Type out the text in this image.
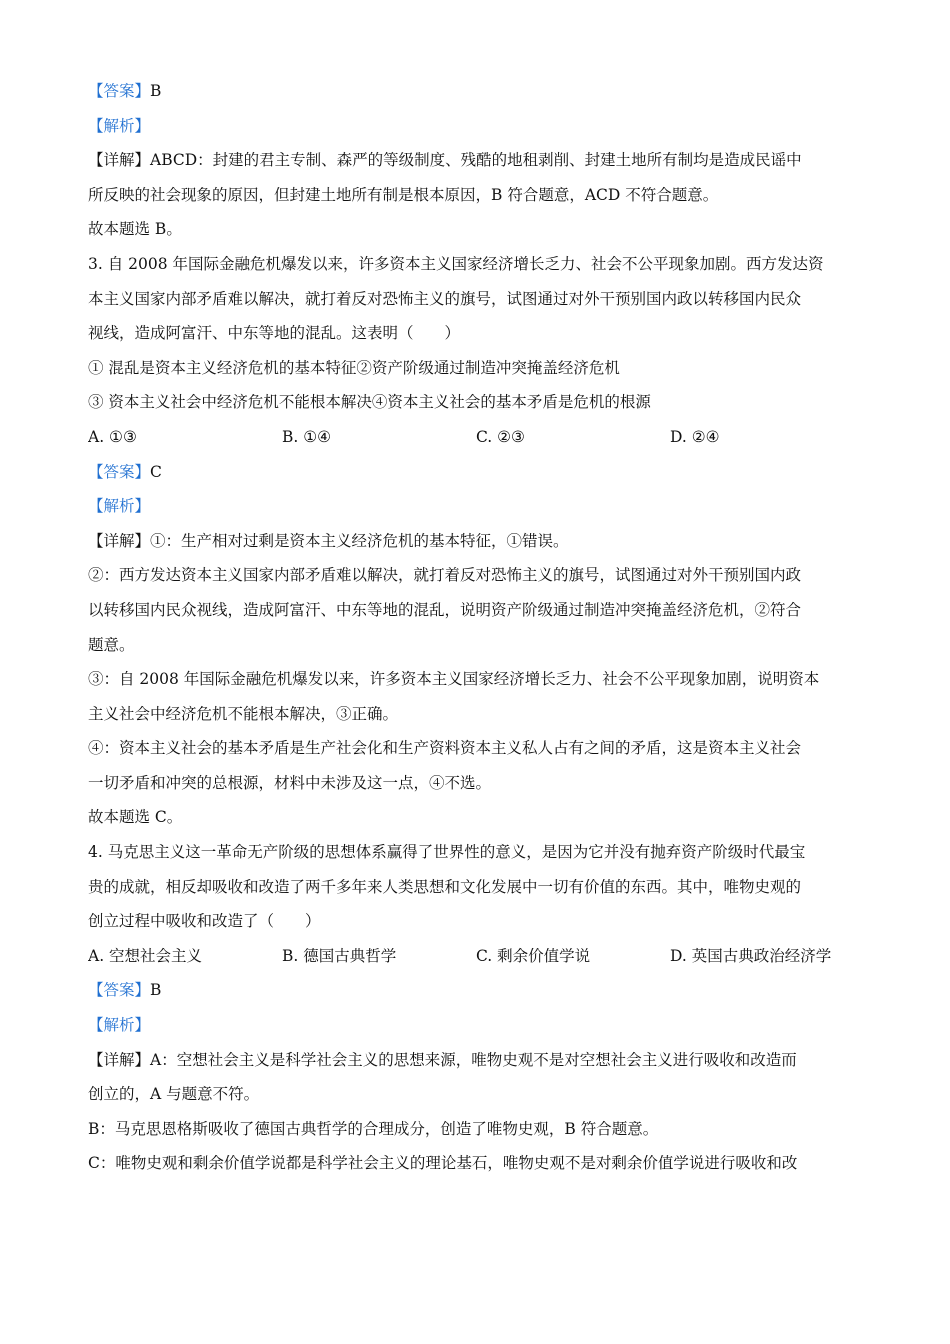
【答案】B
【解析】
【详解】ABCD：封建的君主专制、森严的等级制度、残酷的地租剥削、封建土地所有制均是造成民谣中
所反映的社会现象的原因，但封建土地所有制是根本原因，B 符合题意，ACD 不符合题意。
故本题选 B。
3. 自 2008 年国际金融危机爆发以来，许多资本主义国家经济增长乏力、社会不公平现象加剧。西方发达资
本主义国家内部矛盾难以解决，就打着反对恐怖主义的旗号，试图通过对外干预别国内政以转移国内民众
视线，造成阿富汗、中东等地的混乱。这表明（　　）
① 混乱是资本主义经济危机的基本特征②资产阶级通过制造冲突掩盖经济危机
③ 资本主义社会中经济危机不能根本解决④资本主义社会的基本矛盾是危机的根源
A. ①③	B. ①④	C. ②③	D. ②④
【答案】C
【解析】
【详解】①：生产相对过剩是资本主义经济危机的基本特征，①错误。
②：西方发达资本主义国家内部矛盾难以解决，就打着反对恐怖主义的旗号，试图通过对外干预别国内政
以转移国内民众视线，造成阿富汗、中东等地的混乱，说明资产阶级通过制造冲突掩盖经济危机，②符合
题意。
③：自 2008 年国际金融危机爆发以来，许多资本主义国家经济增长乏力、社会不公平现象加剧，说明资本
主义社会中经济危机不能根本解决，③正确。
④：资本主义社会的基本矛盾是生产社会化和生产资料资本主义私人占有之间的矛盾，这是资本主义社会
一切矛盾和冲突的总根源，材料中未涉及这一点，④不选。
故本题选 C。
4. 马克思主义这一革命无产阶级的思想体系赢得了世界性的意义，是因为它并没有抛弃资产阶级时代最宝
贵的成就，相反却吸收和改造了两千多年来人类思想和文化发展中一切有价值的东西。其中，唯物史观的
创立过程中吸收和改造了（　　）
A. 空想社会主义	B. 德国古典哲学	C. 剩余价值学说	D. 英国古典政治经济学
【答案】B
【解析】
【详解】A：空想社会主义是科学社会主义的思想来源，唯物史观不是对空想社会主义进行吸收和改造而
创立的，A 与题意不符。
B：马克思恩格斯吸收了德国古典哲学的合理成分，创造了唯物史观，B 符合题意。
C：唯物史观和剩余价值学说都是科学社会主义的理论基石，唯物史观不是对剩余价值学说进行吸收和改
